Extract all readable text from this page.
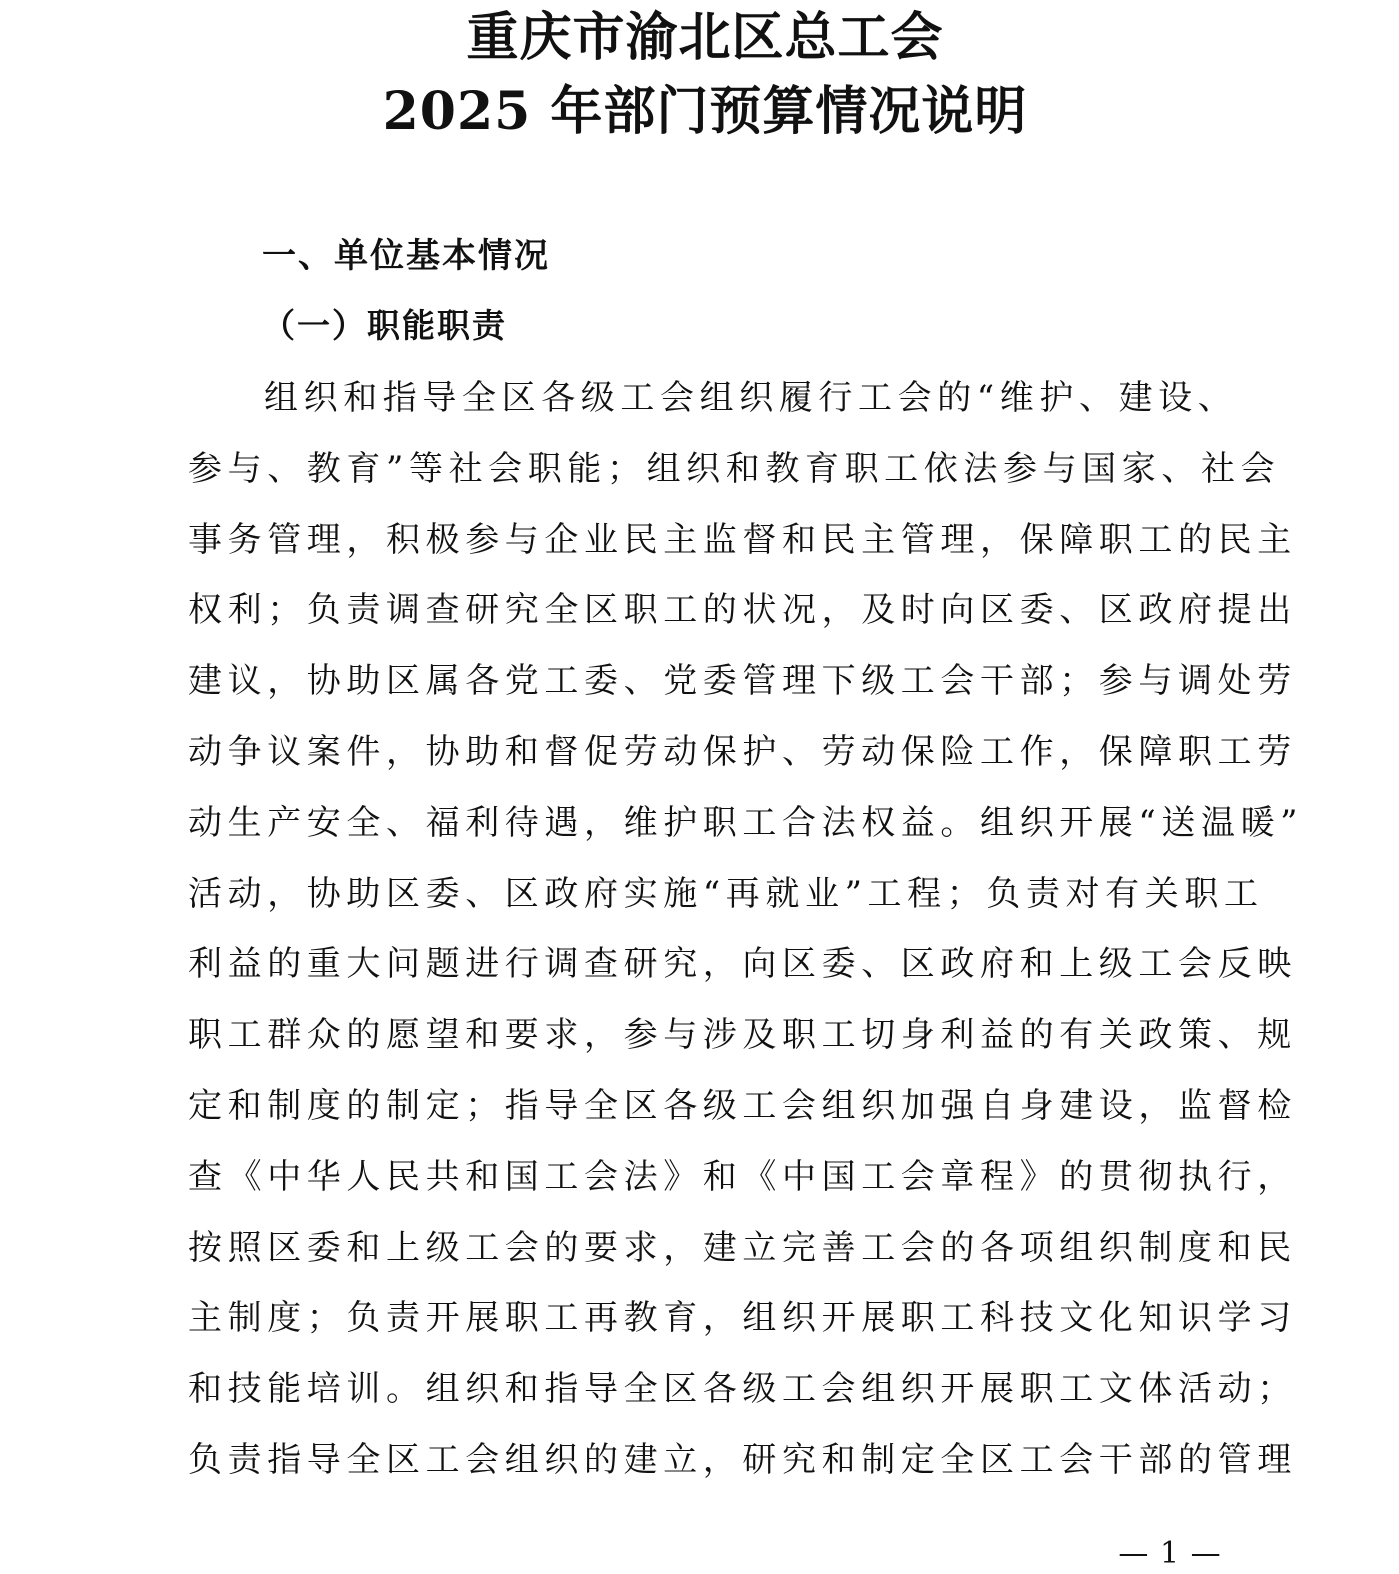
重庆市渝北区总工会
2025 年部门预算情况说明
一、单位基本情况
（一）职能职责
组织和指导全区各级工会组织履行工会的“维护、建设、
参与、教育”等社会职能；组织和教育职工依法参与国家、社会
事务管理，积极参与企业民主监督和民主管理，保障职工的民主
权利；负责调查研究全区职工的状况，及时向区委、区政府提出
建议，协助区属各党工委、党委管理下级工会干部；参与调处劳
动争议案件，协助和督促劳动保护、劳动保险工作，保障职工劳
动生产安全、福利待遇，维护职工合法权益。组织开展“送温暖”
活动，协助区委、区政府实施“再就业”工程；负责对有关职工
利益的重大问题进行调查研究，向区委、区政府和上级工会反映
职工群众的愿望和要求，参与涉及职工切身利益的有关政策、规
定和制度的制定；指导全区各级工会组织加强自身建设，监督检
查《中华人民共和国工会法》和《中国工会章程》的贯彻执行，
按照区委和上级工会的要求，建立完善工会的各项组织制度和民
主制度；负责开展职工再教育，组织开展职工科技文化知识学习
和技能培训。组织和指导全区各级工会组织开展职工文体活动；
负责指导全区工会组织的建立，研究和制定全区工会干部的管理
— 1 —
